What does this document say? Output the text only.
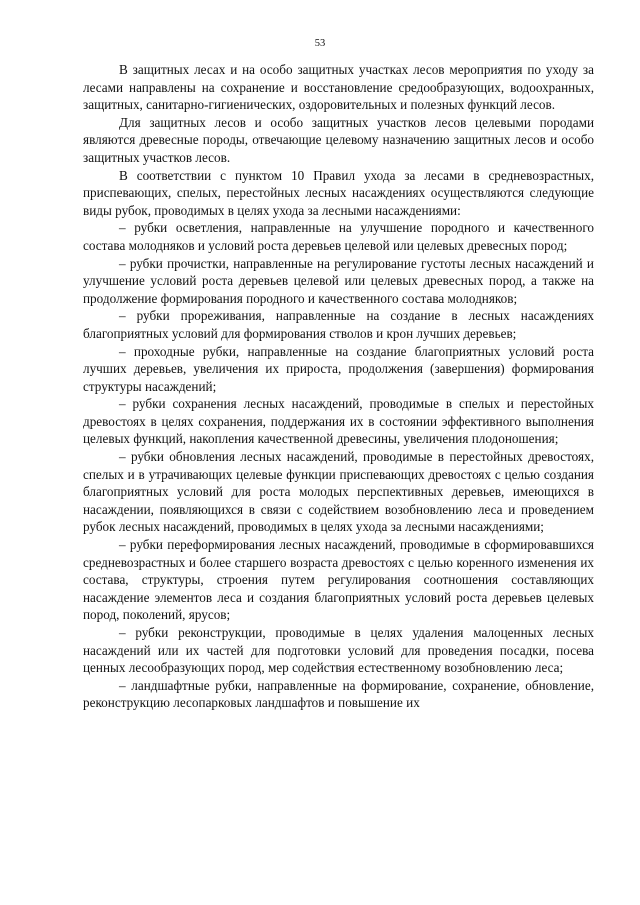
53

В защитных лесах и на особо защитных участках лесов мероприятия по уходу за лесами направлены на сохранение и восстановление средообразующих, водоохранных, защитных, санитарно-гигиенических, оздоровительных и полезных функций лесов.

Для защитных лесов и особо защитных участков лесов целевыми породами являются древесные породы, отвечающие целевому назначению защитных лесов и особо защитных участков лесов.

В соответствии с пунктом 10 Правил ухода за лесами в средневозрастных, приспевающих, спелых, перестойных лесных насаждениях осуществляются следующие виды рубок, проводимых в целях ухода за лесными насаждениями:

– рубки осветления, направленные на улучшение породного и качественного состава молодняков и условий роста деревьев целевой или целевых древесных пород;

– рубки прочистки, направленные на регулирование густоты лесных насаждений и улучшение условий роста деревьев целевой или целевых древесных пород, а также на продолжение формирования породного и качественного состава молодняков;

– рубки прореживания, направленные на создание в лесных насаждениях благоприятных условий для формирования стволов и крон лучших деревьев;

– проходные рубки, направленные на создание благоприятных условий роста лучших деревьев, увеличения их прироста, продолжения (завершения) формирования структуры насаждений;

– рубки сохранения лесных насаждений, проводимые в спелых и перестойных древостоях в целях сохранения, поддержания их в состоянии эффективного выполнения целевых функций, накопления качественной древесины, увеличения плодоношения;

– рубки обновления лесных насаждений, проводимые в перестойных древостоях, спелых и в утрачивающих целевые функции приспевающих древостоях с целью создания благоприятных условий для роста молодых перспективных деревьев, имеющихся в насаждении, появляющихся в связи с содействием возобновлению леса и проведением рубок лесных насаждений, проводимых в целях ухода за лесными насаждениями;

– рубки переформирования лесных насаждений, проводимые в сформировавшихся средневозрастных и более старшего возраста древостоях с целью коренного изменения их состава, структуры, строения путем регулирования соотношения составляющих насаждение элементов леса и создания благоприятных условий роста деревьев целевых пород, поколений, ярусов;

– рубки реконструкции, проводимые в целях удаления малоценных лесных насаждений или их частей для подготовки условий для проведения посадки, посева ценных лесообразующих пород, мер содействия естественному возобновлению леса;

– ландшафтные рубки, направленные на формирование, сохранение, обновление, реконструкцию лесопарковых ландшафтов и повышение их
